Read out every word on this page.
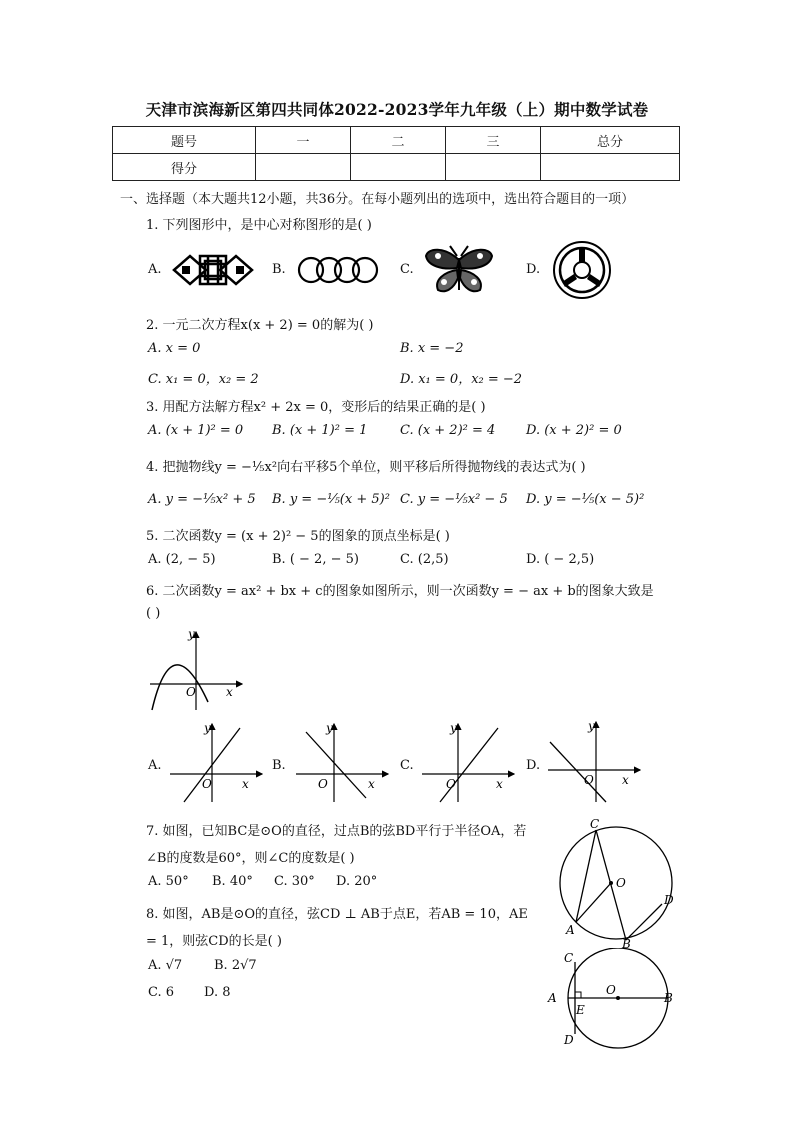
天津市滨海新区第四共同体2022-2023学年九年级（上）期中数学试卷
题号	一	二	三	总分
得分				
一、选择题（本大题共12小题，共36分。在每小题列出的选项中，选出符合题目的一项）
1. 下列图形中，是中心对称图形的是( )
A.	B.	C.	D.
2. 一元二次方程x(x + 2) = 0的解为( )
A. x = 0	B. x = −2
C. x₁ = 0，x₂ = 2	D. x₁ = 0，x₂ = −2
3. 用配方法解方程x² + 2x = 0，变形后的结果正确的是( )
A. (x + 1)² = 0 B. (x + 1)² = 1	C. (x + 2)² = 4 D. (x + 2)² = 0
4. 把抛物线y = −⅕x²向右平移5个单位，则平移后所得抛物线的表达式为( )
A. y = −⅕x² + 5 B. y = −⅕(x + 5)² C. y = −⅕x² − 5 D. y = −⅕(x − 5)²
5. 二次函数y = (x + 2)² − 5的图象的顶点坐标是( )
A. (2, − 5)	B. ( − 2, − 5)	C. (2,5)	D. ( − 2,5)
6. 二次函数y = ax² + bx + c的图象如图所示，则一次函数y = − ax + b的图象大致是
( )
y
x
O
A.	B.	C.	D.
y
x
O
y
x
O
y
x
O
y
x
O
7. 如图，已知BC是⊙O的直径，过点B的弦BD平行于半径OA，若
∠B的度数是60°，则∠C的度数是( )
A. 50° B. 40° C. 30° D. 20°
C
O
D
A
B
8. 如图，AB是⊙O的直径，弦CD ⊥ AB于点E，若AB = 10，AE
= 1，则弦CD的长是( )
A. √7 B. 2√7
C. 6 D. 8
C
A
E
O
B
D
